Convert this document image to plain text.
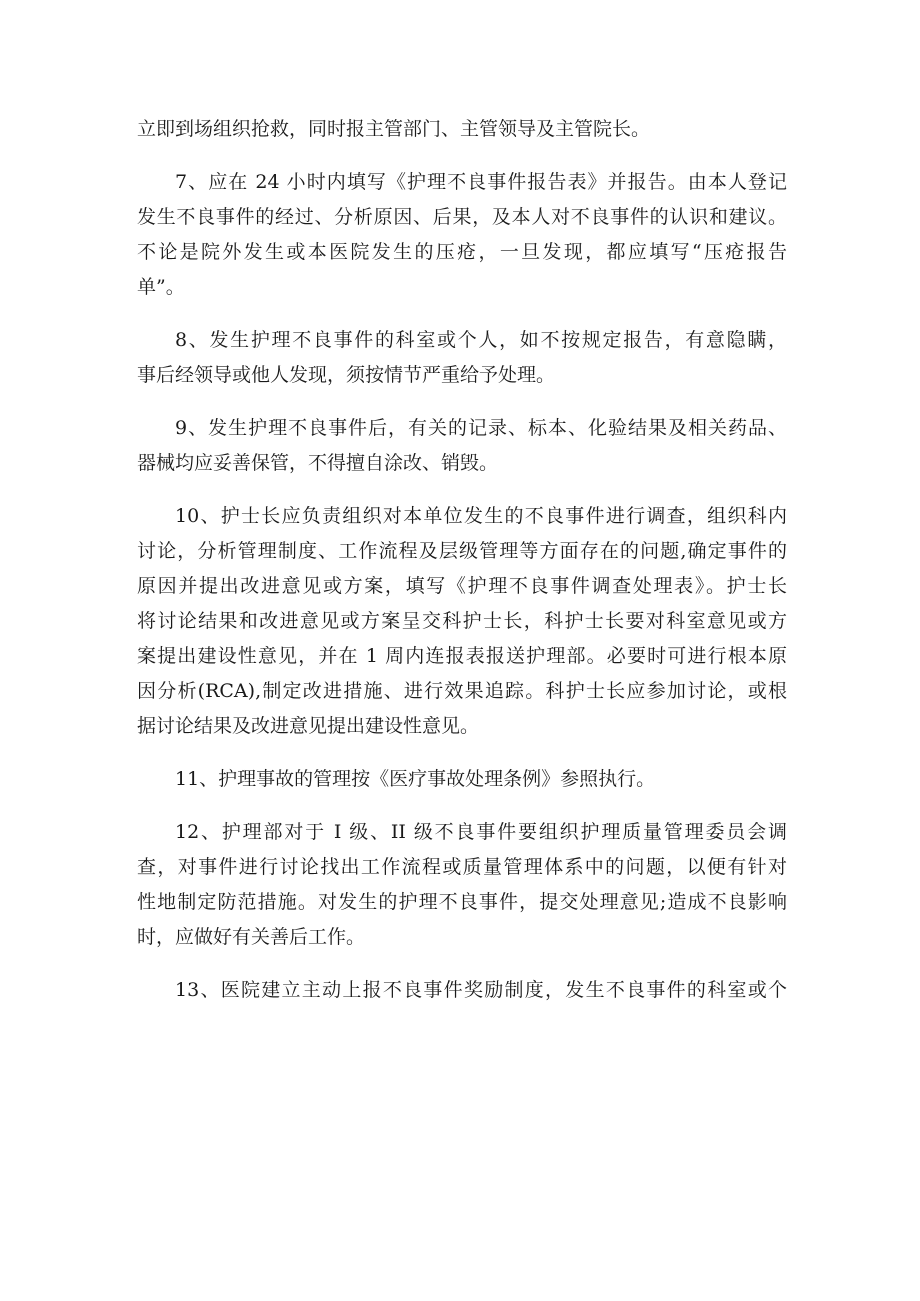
立即到场组织抢救，同时报主管部门、主管领导及主管院长。
7、应在 24 小时内填写《护理不良事件报告表》并报告。由本人登记
发生不良事件的经过、分析原因、后果，及本人对不良事件的认识和建议。
不论是院外发生或本医院发生的压疮，一旦发现，都应填写“压疮报告
单”。
8、发生护理不良事件的科室或个人，如不按规定报告，有意隐瞒，
事后经领导或他人发现，须按情节严重给予处理。
9、发生护理不良事件后，有关的记录、标本、化验结果及相关药品、
器械均应妥善保管，不得擅自涂改、销毁。
10、护士长应负责组织对本单位发生的不良事件进行调查，组织科内
讨论，分析管理制度、工作流程及层级管理等方面存在的问题,确定事件的
原因并提出改进意见或方案，填写《护理不良事件调查处理表》。护士长
将讨论结果和改进意见或方案呈交科护士长，科护士长要对科室意见或方
案提出建设性意见，并在 1 周内连报表报送护理部。必要时可进行根本原
因分析(RCA),制定改进措施、进行效果追踪。科护士长应参加讨论，或根
据讨论结果及改进意见提出建设性意见。
11、护理事故的管理按《医疗事故处理条例》参照执行。
12、护理部对于 I 级、II 级不良事件要组织护理质量管理委员会调
查，对事件进行讨论找出工作流程或质量管理体系中的问题，以便有针对
性地制定防范措施。对发生的护理不良事件，提交处理意见;造成不良影响
时，应做好有关善后工作。
13、医院建立主动上报不良事件奖励制度，发生不良事件的科室或个
